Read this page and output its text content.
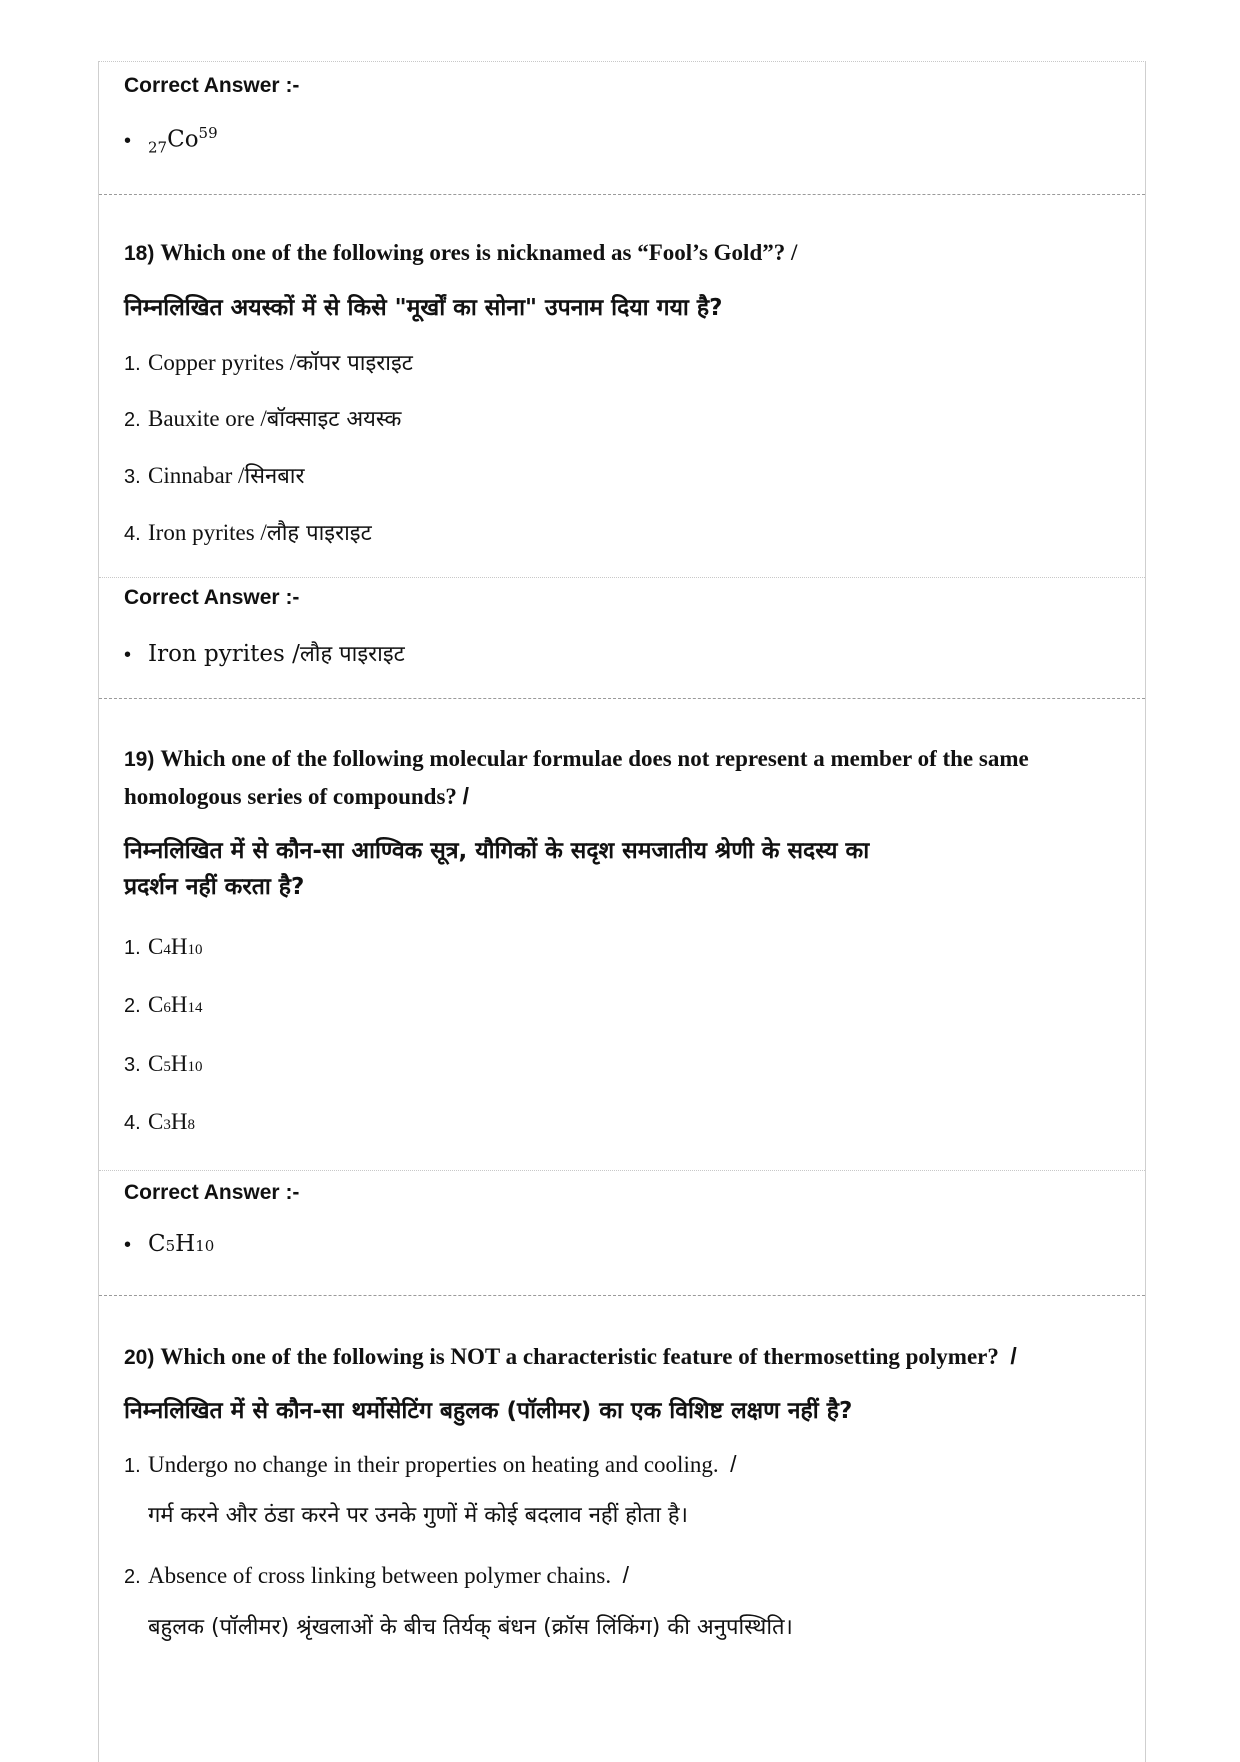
Correct Answer :-
•	$_{27}Co^{59}$
18) Which one of the following ores is nicknamed as “Fool’s Gold”? /
निम्नलिखित अयस्कों में से किसे "मूर्खों का सोना" उपनाम दिया गया है?
1. Copper pyrites / कॉपर पाइराइट
2. Bauxite ore / बॉक्साइट अयस्क
3. Cinnabar / सिनबार
4. Iron pyrites / लौह पाइराइट
Correct Answer :-
• Iron pyrites / लौह पाइराइट
19) Which one of the following molecular formulae does not represent a member of the same
homologous series of compounds? /
निम्नलिखित में से कौन-सा आण्विक सूत्र, यौगिकों के सदृश समजातीय श्रेणी के सदस्य का
प्रदर्शन नहीं करता है?
1. C 4 H 10
2. C 6 H 14
3. C 5 H 10
4. C 3 H 8
Correct Answer :-
• C 5 H 10
20) Which one of the following is NOT a characteristic feature of thermosetting polymer? /
निम्नलिखित में से कौन-सा थर्मोसेटिंग बहुलक (पॉलीमर) का एक विशिष्ट लक्षण नहीं है?
1. Undergo no change in their properties on heating and cooling.
/
गर्म करने और ठंडा करने पर उनके गुणों में कोई बदलाव नहीं होता है।
2. Absence of cross linking between polymer chains.
/
बहुलक (पॉलीमर) श्रृंखलाओं के बीच तिर्यक् बंधन (क्रॉस लिंकिंग) की अनुपस्थिति।
